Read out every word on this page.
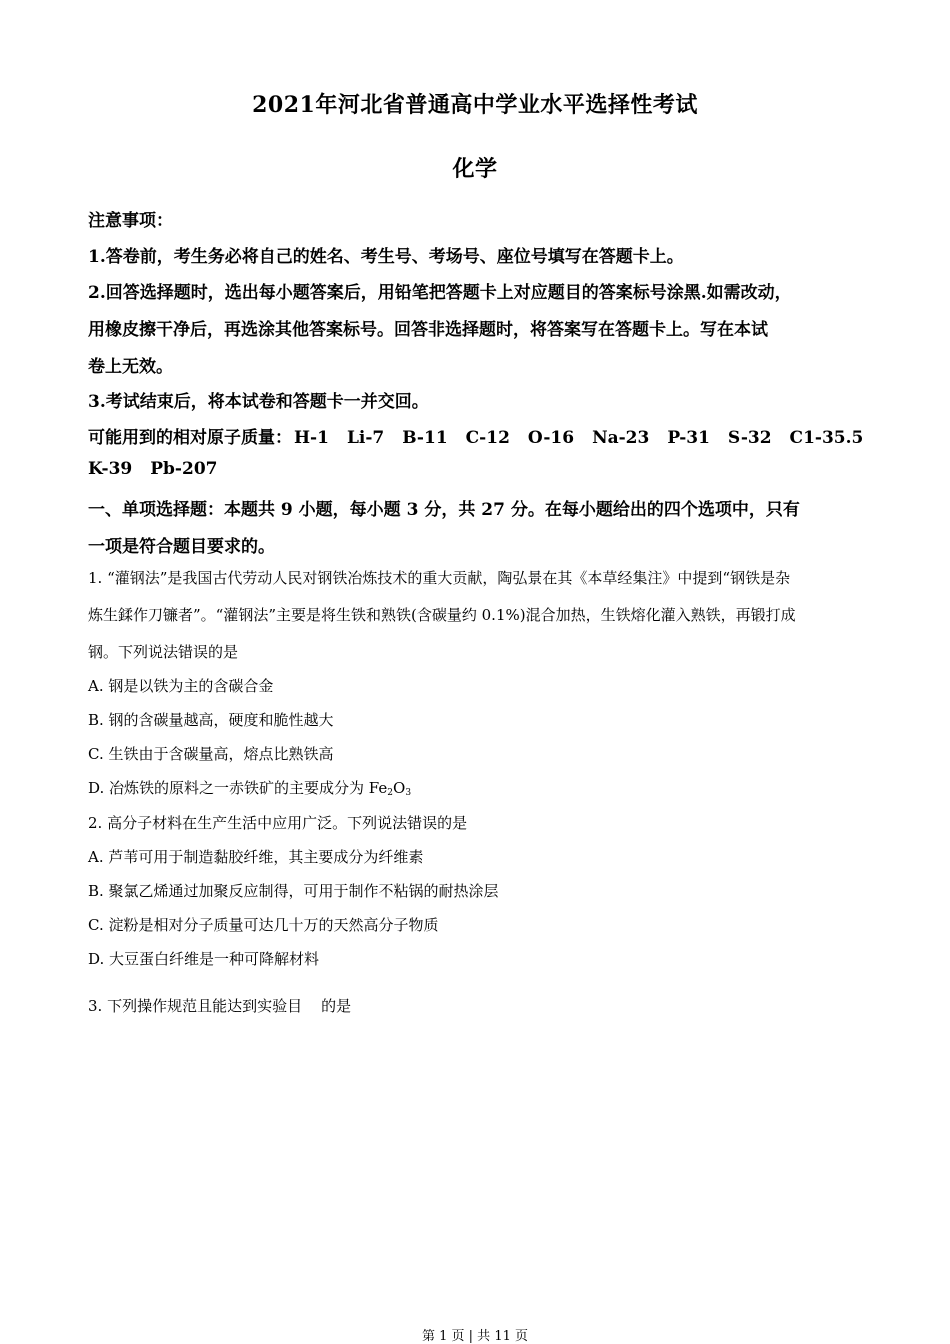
2021年河北省普通高中学业水平选择性考试
化学
注意事项：
1.答卷前，考生务必将自己的姓名、考生号、考场号、座位号填写在答题卡上。
2.回答选择题时，选出每小题答案后，用铅笔把答题卡上对应题目的答案标号涂黑.如需改动，
用橡皮擦干净后，再选涂其他答案标号。回答非选择题时，将答案写在答题卡上。写在本试
卷上无效。
3.考试结束后，将本试卷和答题卡一并交回。
可能用到的相对原子质量： H-1 Li-7 B-11 C-12 O-16 Na-23 P-31 S-32 C1-35.5
K-39 Pb-207
一、单项选择题：本题共 9 小题，每小题 3 分，共 27 分。在每小题给出的四个选项中，只有
一项是符合题目要求的。
1. “灌钢法”是我国古代劳动人民对钢铁冶炼技术的重大贡献，陶弘景在其《本草经集注》中提到“钢铁是杂
炼生鍒作刀镰者”。“灌钢法”主要是将生铁和熟铁(含碳量约 0.1%)混合加热，生铁熔化灌入熟铁，再锻打成
钢。下列说法错误的是
A. 钢是以铁为主的含碳合金
B. 钢的含碳量越高，硬度和脆性越大
C. 生铁由于含碳量高，熔点比熟铁高
D. 冶炼铁的原料之一赤铁矿的主要成分为 $Fe_2O_3$
2. 高分子材料在生产生活中应用广泛。下列说法错误的是
A. 芦苇可用于制造黏胶纤维，其主要成分为纤维素
B. 聚氯乙烯通过加聚反应制得，可用于制作不粘锅的耐热涂层
C. 淀粉是相对分子质量可达几十万的天然高分子物质
D. 大豆蛋白纤维是一种可降解材料
3. 下列操作规范且能达到实验目    的是
第 1 页 | 共 11 页
